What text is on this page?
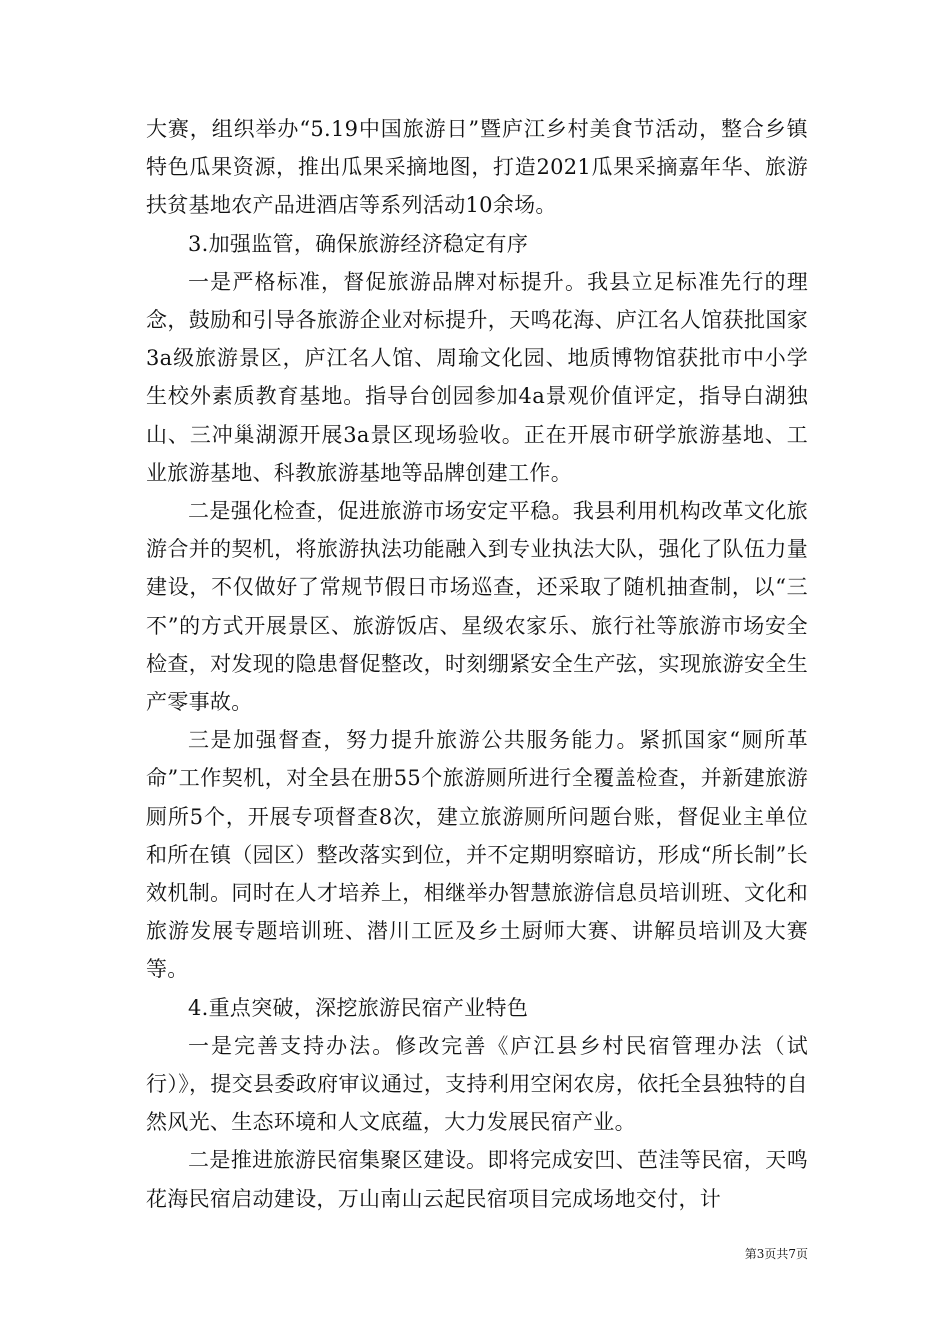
大赛，组织举办“5.19中国旅游日”暨庐江乡村美食节活动，整合乡镇特色瓜果资源，推出瓜果采摘地图，打造2021瓜果采摘嘉年华、旅游扶贫基地农产品进酒店等系列活动10余场。

3.加强监管，确保旅游经济稳定有序

一是严格标准，督促旅游品牌对标提升。我县立足标准先行的理念，鼓励和引导各旅游企业对标提升，天鸣花海、庐江名人馆获批国家3a级旅游景区，庐江名人馆、周瑜文化园、地质博物馆获批市中小学生校外素质教育基地。指导台创园参加4a景观价值评定，指导白湖独山、三冲巢湖源开展3a景区现场验收。正在开展市研学旅游基地、工业旅游基地、科教旅游基地等品牌创建工作。

二是强化检查，促进旅游市场安定平稳。我县利用机构改革文化旅游合并的契机，将旅游执法功能融入到专业执法大队，强化了队伍力量建设，不仅做好了常规节假日市场巡查，还采取了随机抽查制，以“三不”的方式开展景区、旅游饭店、星级农家乐、旅行社等旅游市场安全检查，对发现的隐患督促整改，时刻绷紧安全生产弦，实现旅游安全生产零事故。

三是加强督查，努力提升旅游公共服务能力。紧抓国家“厕所革命”工作契机，对全县在册55个旅游厕所进行全覆盖检查，并新建旅游厕所5个，开展专项督查8次，建立旅游厕所问题台账，督促业主单位和所在镇（园区）整改落实到位，并不定期明察暗访，形成“所长制”长效机制。同时在人才培养上，相继举办智慧旅游信息员培训班、文化和旅游发展专题培训班、潜川工匠及乡土厨师大赛、讲解员培训及大赛等。

4.重点突破，深挖旅游民宿产业特色

一是完善支持办法。修改完善《庐江县乡村民宿管理办法（试行）》，提交县委政府审议通过，支持利用空闲农房，依托全县独特的自然风光、生态环境和人文底蕴，大力发展民宿产业。

二是推进旅游民宿集聚区建设。即将完成安凹、芭洼等民宿，天鸣花海民宿启动建设，万山南山云起民宿项目完成场地交付，计

第3页共7页
